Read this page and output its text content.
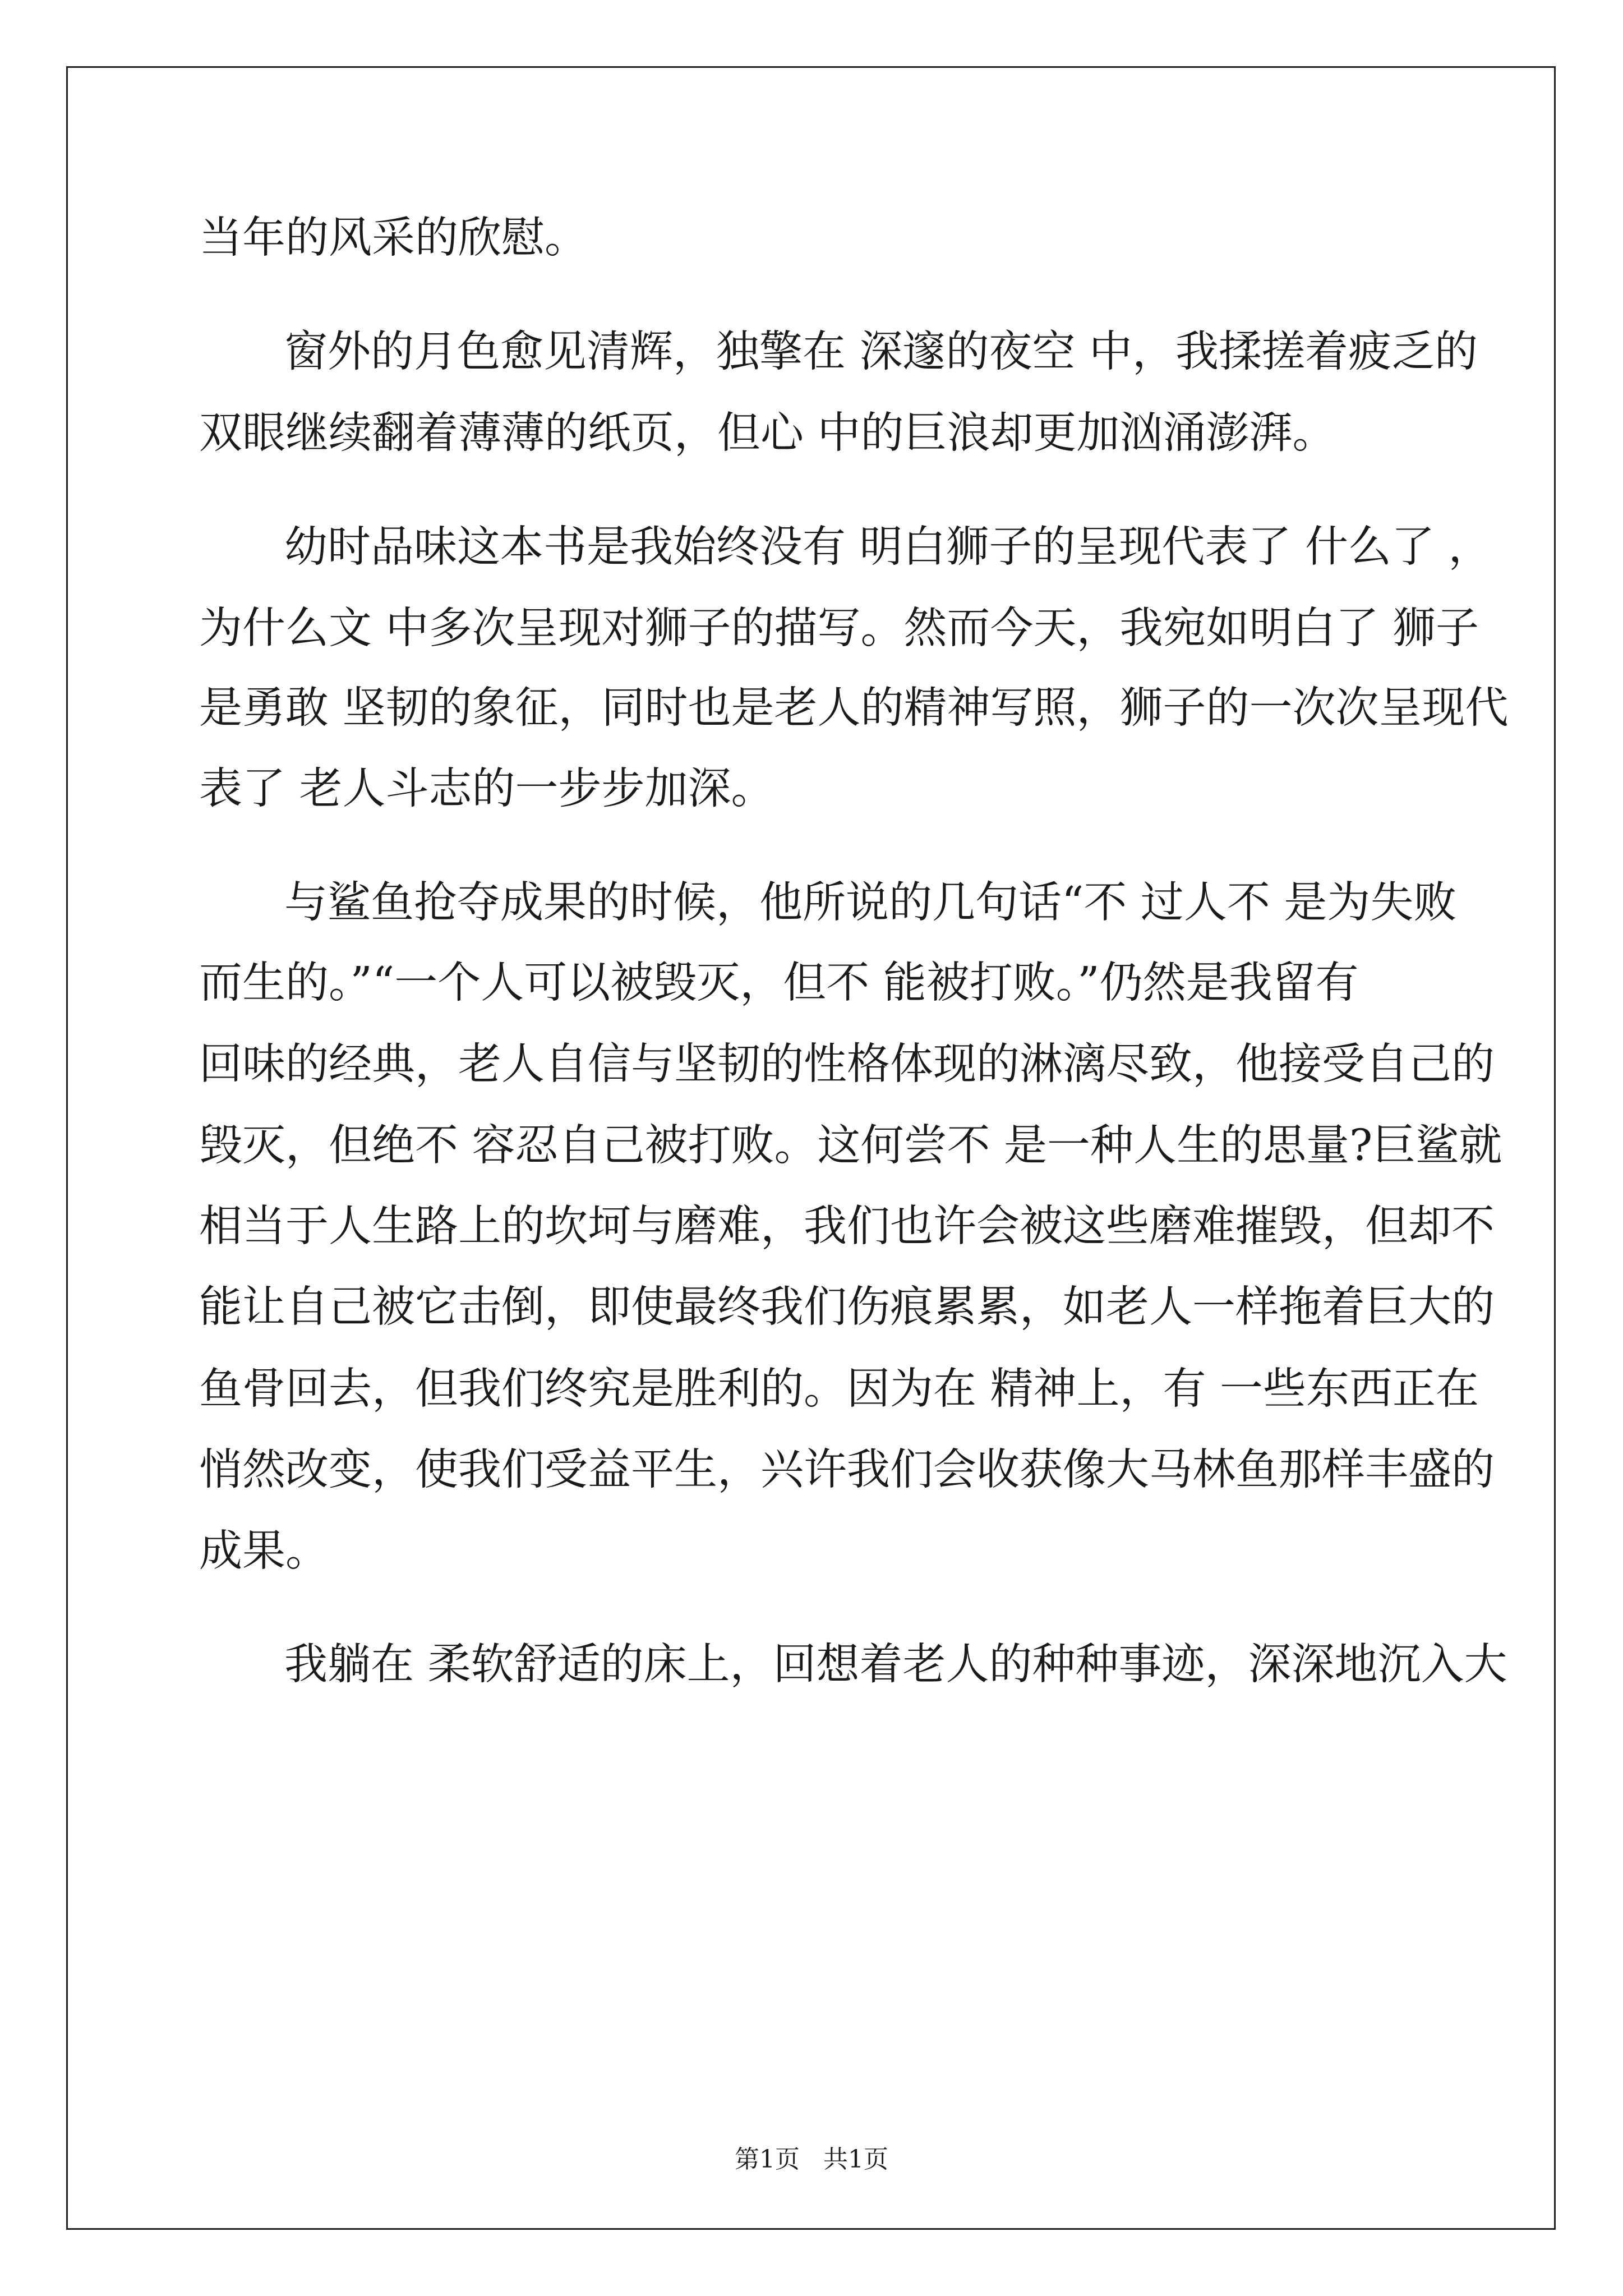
当年的风采的欣慰。
窗外的月色愈见清辉，独擎在 深邃的夜空 中，我揉搓着疲乏的
双眼继续翻着薄薄的纸页，但心 中的巨浪却更加汹涌澎湃。
幼时品味这本书是我始终没有 明白狮子的呈现代表了 什么了 ，
为什么文 中多次呈现对狮子的描写。然而今天，我宛如明白了 狮子
是勇敢 坚韧的象征，同时也是老人的精神写照，狮子的一次次呈现代
表了 老人斗志的一步步加深。
与鲨鱼抢夺成果的时候，他所说的几句话“不 过人不 是为失败
而生的。”“一个人可以被毁灭，但不 能被打败。”仍然是我留有
回味的经典，老人自信与坚韧的性格体现的淋漓尽致，他接受自己的
毁灭，但绝不 容忍自己被打败。这何尝不 是一种人生的思量?巨鲨就
相当于人生路上的坎坷与磨难，我们也许会被这些磨难摧毁，但却不
能让自己被它击倒，即使最终我们伤痕累累，如老人一样拖着巨大的
鱼骨回去，但我们终究是胜利的。因为在 精神上，有 一些东西正在
悄然改变，使我们受益平生，兴许我们会收获像大马林鱼那样丰盛的
成果。
我躺在 柔软舒适的床上，回想着老人的种种事迹，深深地沉入大
第1页 共1页
